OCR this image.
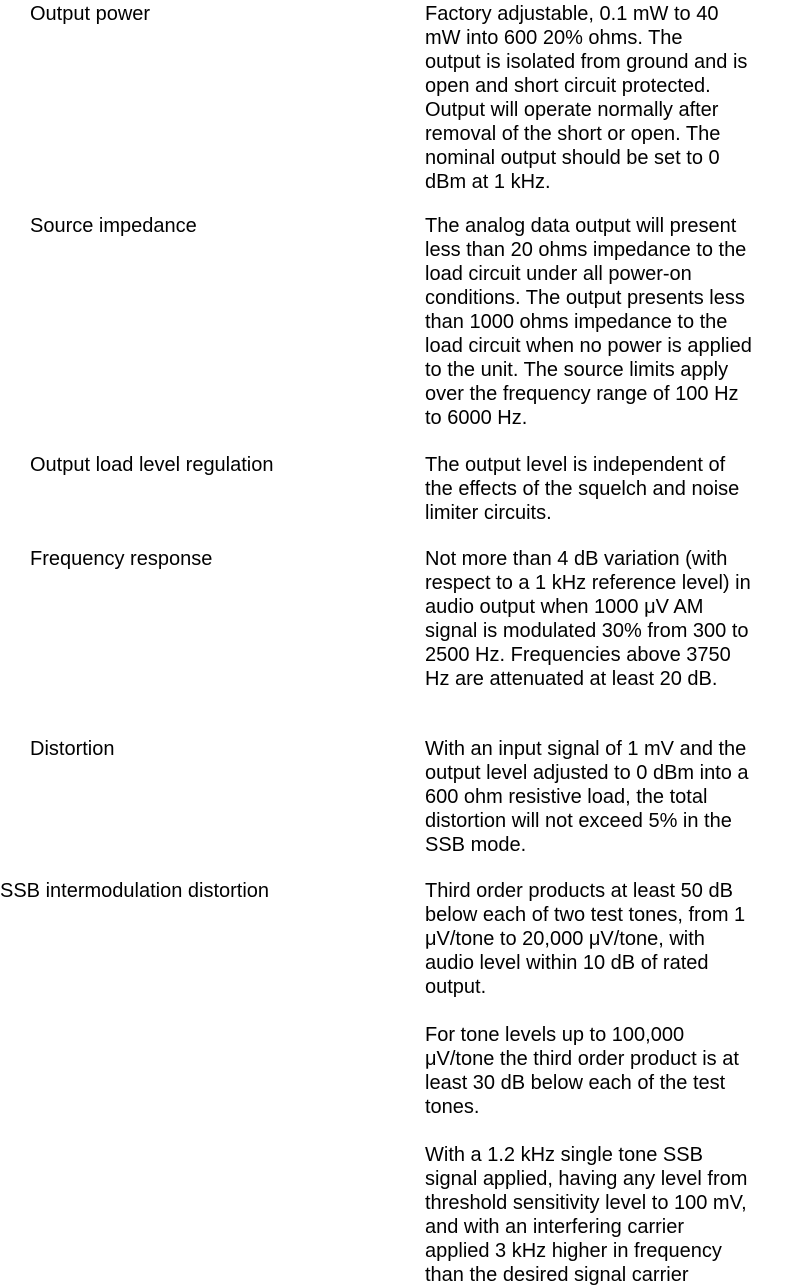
Output power	Factory adjustable, 0.1 mW to 40
mW into 600 20% ohms. The
output is isolated from ground and is
open and short circuit protected.
Output will operate normally after
removal of the short or open. The
nominal output should be set to 0
dBm at 1 kHz.

Source impedance	The analog data output will present
less than 20 ohms impedance to the
load circuit under all power-on
conditions. The output presents less
than 1000 ohms impedance to the
load circuit when no power is applied
to the unit. The source limits apply
over the frequency range of 100 Hz
to 6000 Hz.

Output load level regulation	The output level is independent of
the effects of the squelch and noise
limiter circuits.

Frequency response	Not more than 4 dB variation (with
respect to a 1 kHz reference level) in
audio output when 1000 μV AM
signal is modulated 30% from 300 to
2500 Hz. Frequencies above 3750
Hz are attenuated at least 20 dB.

Distortion	With an input signal of 1 mV and the
output level adjusted to 0 dBm into a
600 ohm resistive load, the total
distortion will not exceed 5% in the
SSB mode.

SSB intermodulation distortion	Third order products at least 50 dB
below each of two test tones, from 1
μV/tone to 20,000 μV/tone, with
audio level within 10 dB of rated
output.

For tone levels up to 100,000
μV/tone the third order product is at
least 30 dB below each of the test
tones.

With a 1.2 kHz single tone SSB
signal applied, having any level from
threshold sensitivity level to 100 mV,
and with an interfering carrier
applied 3 kHz higher in frequency
than the desired signal carrier
